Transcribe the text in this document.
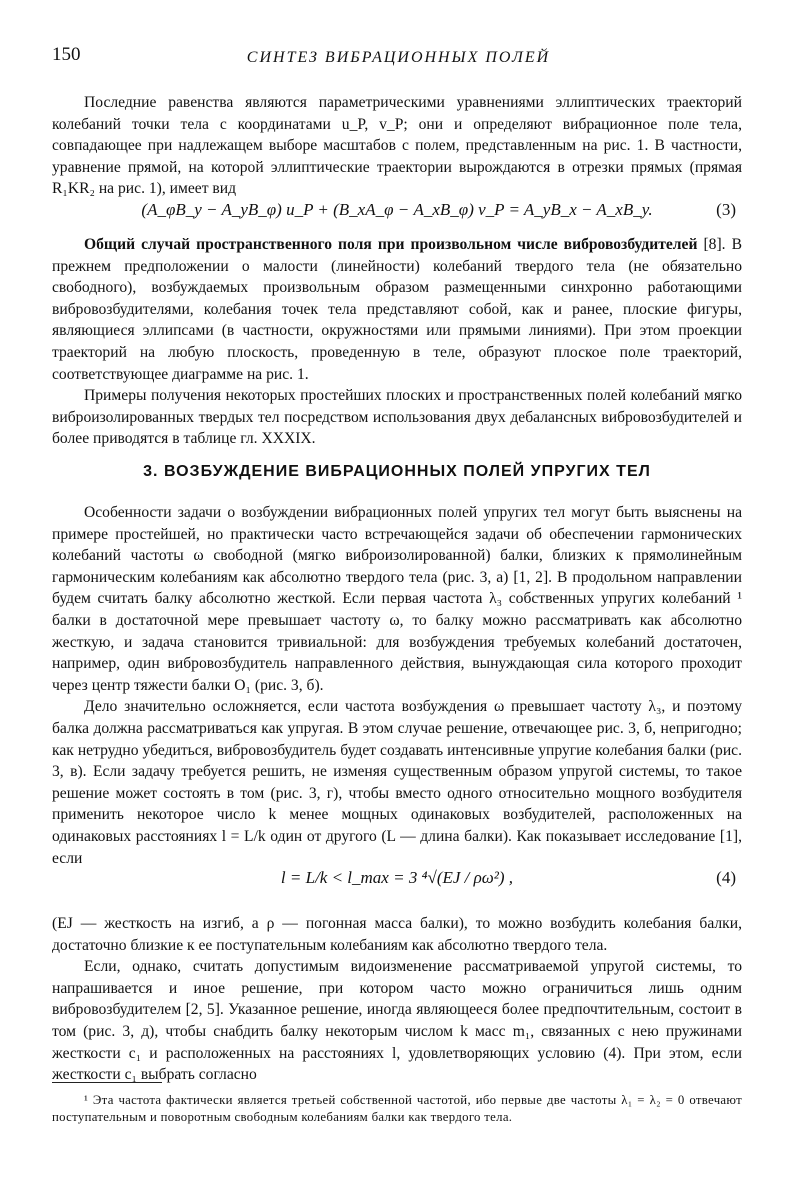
150	СИНТЕЗ ВИБРАЦИОННЫХ ПОЛЕЙ

Последние равенства являются параметрическими уравнениями эллиптических траекторий колебаний точки тела с координатами u_P, v_P; они и определяют вибрационное поле тела, совпадающее при надлежащем выборе масштабов с полем, представленным на рис. 1. В частности, уравнение прямой, на которой эллиптические траектории вырождаются в отрезки прямых (прямая R₁KR₂ на рис. 1), имеет вид

(A_φB_y − A_yB_φ) u_P + (B_xA_φ − A_xB_φ) v_P = A_yB_x − A_xB_y.	(3)

Общий случай пространственного поля при произвольном числе вибровозбудителей [8]. В прежнем предположении о малости (линейности) колебаний твердого тела (не обязательно свободного), возбуждаемых произвольным образом размещенными синхронно работающими вибровозбудителями, колебания точек тела представляют собой, как и ранее, плоские фигуры, являющиеся эллипсами (в частности, окружностями или прямыми линиями). При этом проекции траекторий на любую плоскость, проведенную в теле, образуют плоское поле траекторий, соответствующее диаграмме на рис. 1.

Примеры получения некоторых простейших плоских и пространственных полей колебаний мягко виброизолированных твердых тел посредством использования двух дебалансных вибровозбудителей и более приводятся в таблице гл. XXXIX.

3. ВОЗБУЖДЕНИЕ ВИБРАЦИОННЫХ ПОЛЕЙ УПРУГИХ ТЕЛ

Особенности задачи о возбуждении вибрационных полей упругих тел могут быть выяснены на примере простейшей, но практически часто встречающейся задачи об обеспечении гармонических колебаний частоты ω свободной (мягко виброизолированной) балки, близких к прямолинейным гармоническим колебаниям как абсолютно твердого тела (рис. 3, а) [1, 2]. В продольном направлении будем считать балку абсолютно жесткой. Если первая частота λ₃ собственных упругих колебаний ¹ балки в достаточной мере превышает частоту ω, то балку можно рассматривать как абсолютно жесткую, и задача становится тривиальной: для возбуждения требуемых колебаний достаточен, например, один вибровозбудитель направленного действия, вынуждающая сила которого проходит через центр тяжести балки O₁ (рис. 3, б).

Дело значительно осложняется, если частота возбуждения ω превышает частоту λ₃, и поэтому балка должна рассматриваться как упругая. В этом случае решение, отвечающее рис. 3, б, непригодно; как нетрудно убедиться, вибровозбудитель будет создавать интенсивные упругие колебания балки (рис. 3, в). Если задачу требуется решить, не изменяя существенным образом упругой системы, то такое решение может состоять в том (рис. 3, г), чтобы вместо одного относительно мощного возбудителя применить некоторое число k менее мощных одинаковых возбудителей, расположенных на одинаковых расстояниях l = L/k один от другого (L — длина балки). Как показывает исследование [1], если

l = L/k < l_max = 3 ⁴√(EJ / ρω²) ,	(4)

(EJ — жесткость на изгиб, а ρ — погонная масса балки), то можно возбудить колебания балки, достаточно близкие к ее поступательным колебаниям как абсолютно твердого тела.

Если, однако, считать допустимым видоизменение рассматриваемой упругой системы, то напрашивается и иное решение, при котором часто можно ограничиться лишь одним вибровозбудителем [2, 5]. Указанное решение, иногда являющееся более предпочтительным, состоит в том (рис. 3, д), чтобы снабдить балку некоторым числом k масс m₁, связанных с нею пружинами жесткости c₁ и расположенных на расстояниях l, удовлетворяющих условию (4). При этом, если жесткости c₁ выбрать согласно

¹ Эта частота фактически является третьей собственной частотой, ибо первые две частоты λ₁ = λ₂ = 0 отвечают поступательным и поворотным свободным колебаниям балки как твердого тела.
